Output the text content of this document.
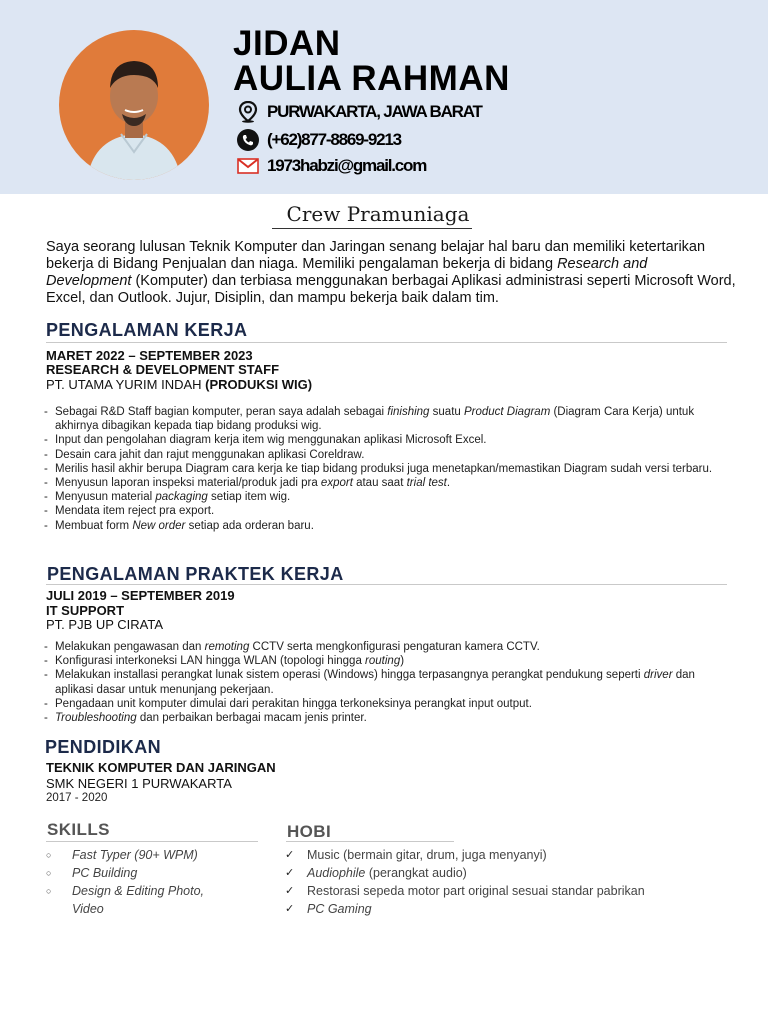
JIDAN
AULIA RAHMAN
PURWAKARTA, JAWA BARAT
(+62)877-8869-9213
1973habzi@gmail.com
Crew Pramuniaga
Saya seorang lulusan Teknik Komputer dan Jaringan senang belajar hal baru dan memiliki ketertarikan bekerja di Bidang Penjualan dan niaga. Memiliki pengalaman bekerja di bidang Research and Development (Komputer) dan terbiasa menggunakan berbagai Aplikasi administrasi seperti Microsoft Word, Excel, dan Outlook. Jujur, Disiplin, dan mampu bekerja baik dalam tim.
PENGALAMAN KERJA
MARET 2022 – SEPTEMBER 2023
RESEARCH & DEVELOPMENT STAFF
PT. UTAMA YURIM INDAH (PRODUKSI WIG)
- Sebagai R&D Staff bagian komputer, peran saya adalah sebagai finishing suatu Product Diagram (Diagram Cara Kerja) untuk akhirnya dibagikan kepada tiap bidang produksi wig.
- Input dan pengolahan diagram kerja item wig menggunakan aplikasi Microsoft Excel.
- Desain cara jahit dan rajut menggunakan aplikasi Coreldraw.
- Merilis hasil akhir berupa Diagram cara kerja ke tiap bidang produksi juga menetapkan/memastikan Diagram sudah versi terbaru.
- Menyusun laporan inspeksi material/produk jadi pra export atau saat trial test.
- Menyusun material packaging setiap item wig.
- Mendata item reject pra export.
- Membuat form New order setiap ada orderan baru.
PENGALAMAN PRAKTEK KERJA
JULI 2019 – SEPTEMBER 2019
IT SUPPORT
PT. PJB UP CIRATA
- Melakukan pengawasan dan remoting CCTV serta mengkonfigurasi pengaturan kamera CCTV.
- Konfigurasi interkoneksi LAN hingga WLAN (topologi hingga routing)
- Melakukan installasi perangkat lunak sistem operasi (Windows) hingga terpasangnya perangkat pendukung seperti driver dan aplikasi dasar untuk menunjang pekerjaan.
- Pengadaan unit komputer dimulai dari perakitan hingga terkoneksinya perangkat input output.
- Troubleshooting dan perbaikan berbagai macam jenis printer.
PENDIDIKAN
TEKNIK KOMPUTER DAN JARINGAN
SMK NEGERI 1 PURWAKARTA
2017 - 2020
SKILLS
○ Fast Typer (90+ WPM)
○ PC Building
○ Design & Editing Photo,
Video
HOBI
✓ Music (bermain gitar, drum, juga menyanyi)
✓ Audiophile (perangkat audio)
✓ Restorasi sepeda motor part original sesuai standar pabrikan
✓ PC Gaming
